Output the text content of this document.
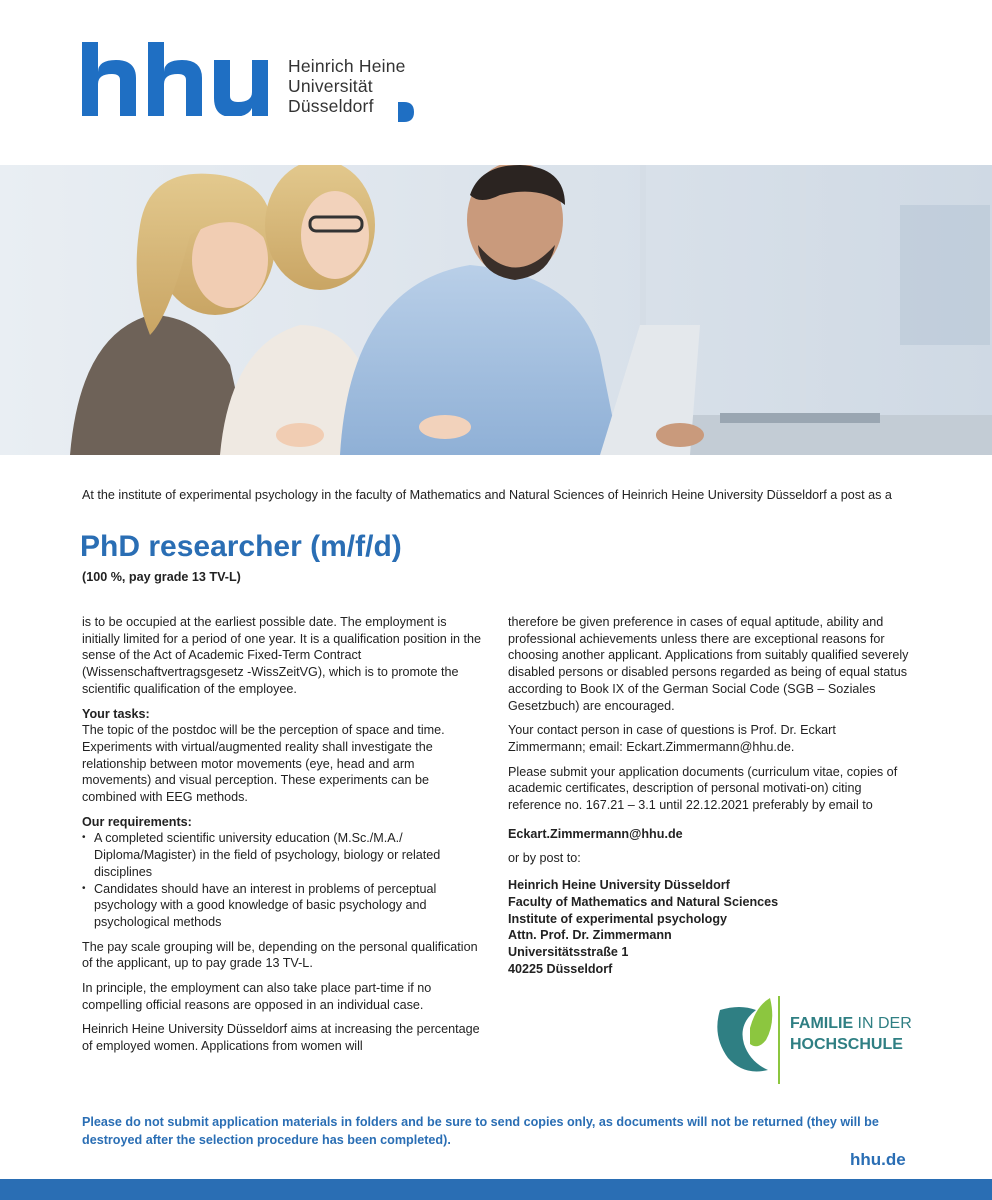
Heinrich Heine
Universität
Düsseldorf
At the institute of experimental psychology in the faculty of Mathematics and Natural Sciences of Heinrich Heine University Düsseldorf a post as a
PhD researcher (m/f/d)
(100 %, pay grade 13 TV-L)

is to be occupied at the earliest possible date. The employment is initially limited for a period of one year. It is a qualification position in the sense of the Act of Academic Fixed-Term Contract (Wissenschaftvertragsgesetz -WissZeitVG), which is to promote the scientific qualification of the employee.

Your tasks:

The topic of the postdoc will be the perception of space and time. Experiments with virtual/augmented reality shall investigate the relationship between motor movements (eye, head and arm movements) and visual perception. These experiments can be combined with EEG methods.

Our requirements:

• A completed scientific university education (M.Sc./M.A./ Diploma/Magister) in the field of psychology, biology or related disciplines
• Candidates should have an interest in problems of perceptual psychology with a good knowledge of basic psychology and psychological methods

The pay scale grouping will be, depending on the personal qualification of the applicant, up to pay grade 13 TV-L.

In principle, the employment can also take place part-time if no compelling official reasons are opposed in an individual case.

Heinrich Heine University Düsseldorf aims at increasing the percentage of employed women. Applications from women will

therefore be given preference in cases of equal aptitude, ability and professional achievements unless there are exceptional reasons for choosing another applicant. Applications from suitably qualified severely disabled persons or disabled persons regarded as being of equal status according to Book IX of the German Social Code (SGB – Soziales Gesetzbuch) are encouraged.

Your contact person in case of questions is Prof. Dr. Eckart Zimmermann; email: Eckart.Zimmermann@hhu.de.

Please submit your application documents (curriculum vitae, copies of academic certificates, description of personal motivati-on) citing reference no. 167.21 – 3.1 until 22.12.2021 preferably by email to

Eckart.Zimmermann@hhu.de

or by post to:

Heinrich Heine University Düsseldorf
Faculty of Mathematics and Natural Sciences
Institute of experimental psychology
Attn. Prof. Dr. Zimmermann
Universitätsstraße 1
40225 Düsseldorf
FAMILIE IN DER
HOCHSCHULE
Please do not submit application materials in folders and be sure to send copies only, as documents will not be returned (they will be destroyed after the selection procedure has been completed).
hhu.de
